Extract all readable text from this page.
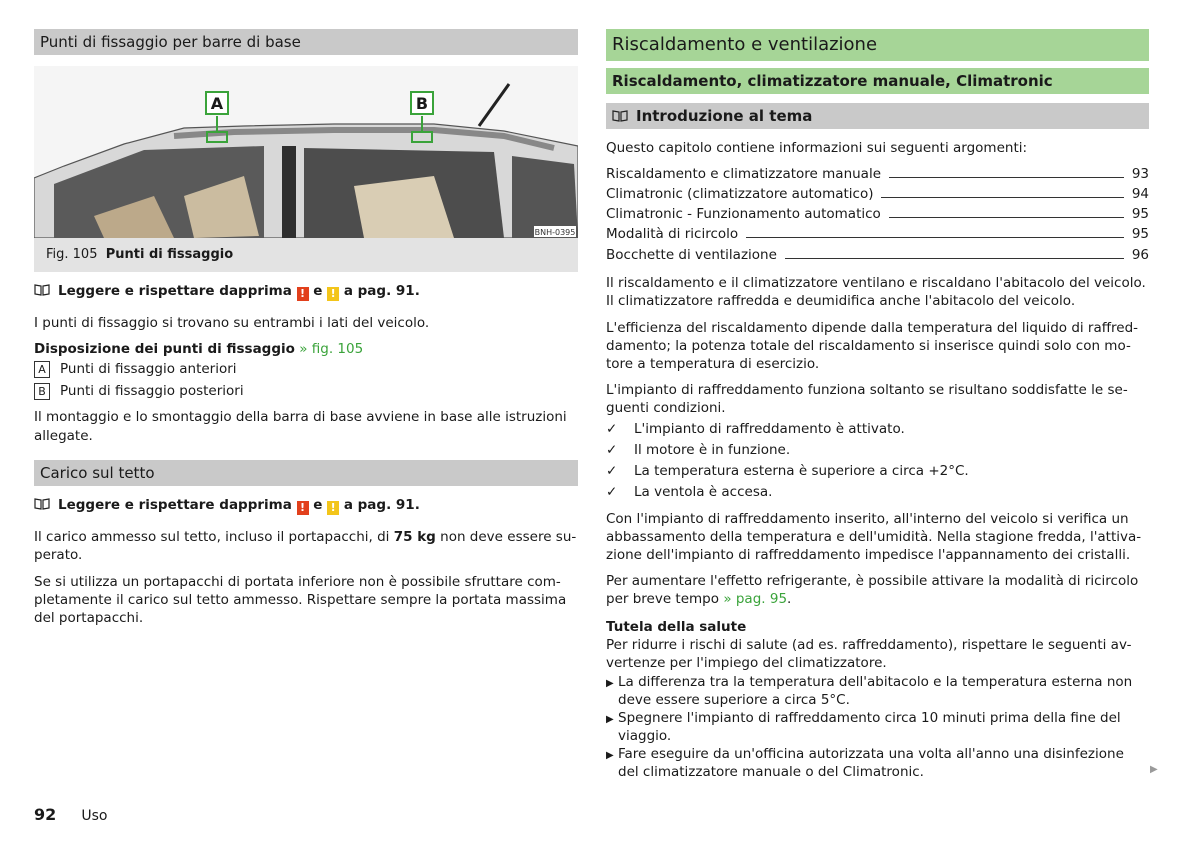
Punti di fissaggio per barre di base
A	B
BNH-0395
Fig. 105 Punti di fissaggio
Leggere e rispettare dapprima ! e ! a pag. 91.
I punti di fissaggio si trovano su entrambi i lati del veicolo.
Disposizione dei punti di fissaggio » fig. 105
A Punti di fissaggio anteriori
B Punti di fissaggio posteriori
Il montaggio e lo smontaggio della barra di base avviene in base alle istruzioni
allegate.
Carico sul tetto
Leggere e rispettare dapprima ! e ! a pag. 91.
Il carico ammesso sul tetto, incluso il portapacchi, di 75 kg non deve essere su-
perato.
Se si utilizza un portapacchi di portata inferiore non è possibile sfruttare com-
pletamente il carico sul tetto ammesso. Rispettare sempre la portata massima
del portapacchi.
Riscaldamento e ventilazione
Riscaldamento, climatizzatore manuale, Climatronic
Introduzione al tema
Questo capitolo contiene informazioni sui seguenti argomenti:
Riscaldamento e climatizzatore manuale	93
Climatronic (climatizzatore automatico)	94
Climatronic - Funzionamento automatico	95
Modalità di ricircolo	95
Bocchette di ventilazione	96
Il riscaldamento e il climatizzatore ventilano e riscaldano l'abitacolo del veicolo.
Il climatizzatore raffredda e deumidifica anche l'abitacolo del veicolo.
L'efficienza del riscaldamento dipende dalla temperatura del liquido di raffred-
damento; la potenza totale del riscaldamento si inserisce quindi solo con mo-
tore a temperatura di esercizio.
L'impianto di raffreddamento funziona soltanto se risultano soddisfatte le se-
guenti condizioni.
✓ L'impianto di raffreddamento è attivato.
✓ Il motore è in funzione.
✓ La temperatura esterna è superiore a circa +2°C.
✓ La ventola è accesa.
Con l'impianto di raffreddamento inserito, all'interno del veicolo si verifica un
abbassamento della temperatura e dell'umidità. Nella stagione fredda, l'attiva-
zione dell'impianto di raffreddamento impedisce l'appannamento dei cristalli.
Per aumentare l'effetto refrigerante, è possibile attivare la modalità di ricircolo
per breve tempo » pag. 95.
Tutela della salute
Per ridurre i rischi di salute (ad es. raffreddamento), rispettare le seguenti av-
vertenze per l'impiego del climatizzatore.
▶ La differenza tra la temperatura dell'abitacolo e la temperatura esterna non
deve essere superiore a circa 5°C.
▶ Spegnere l'impianto di raffreddamento circa 10 minuti prima della fine del
viaggio.
▶ Fare eseguire da un'officina autorizzata una volta all'anno una disinfezione
del climatizzatore manuale o del Climatronic.	▶
92 Uso
